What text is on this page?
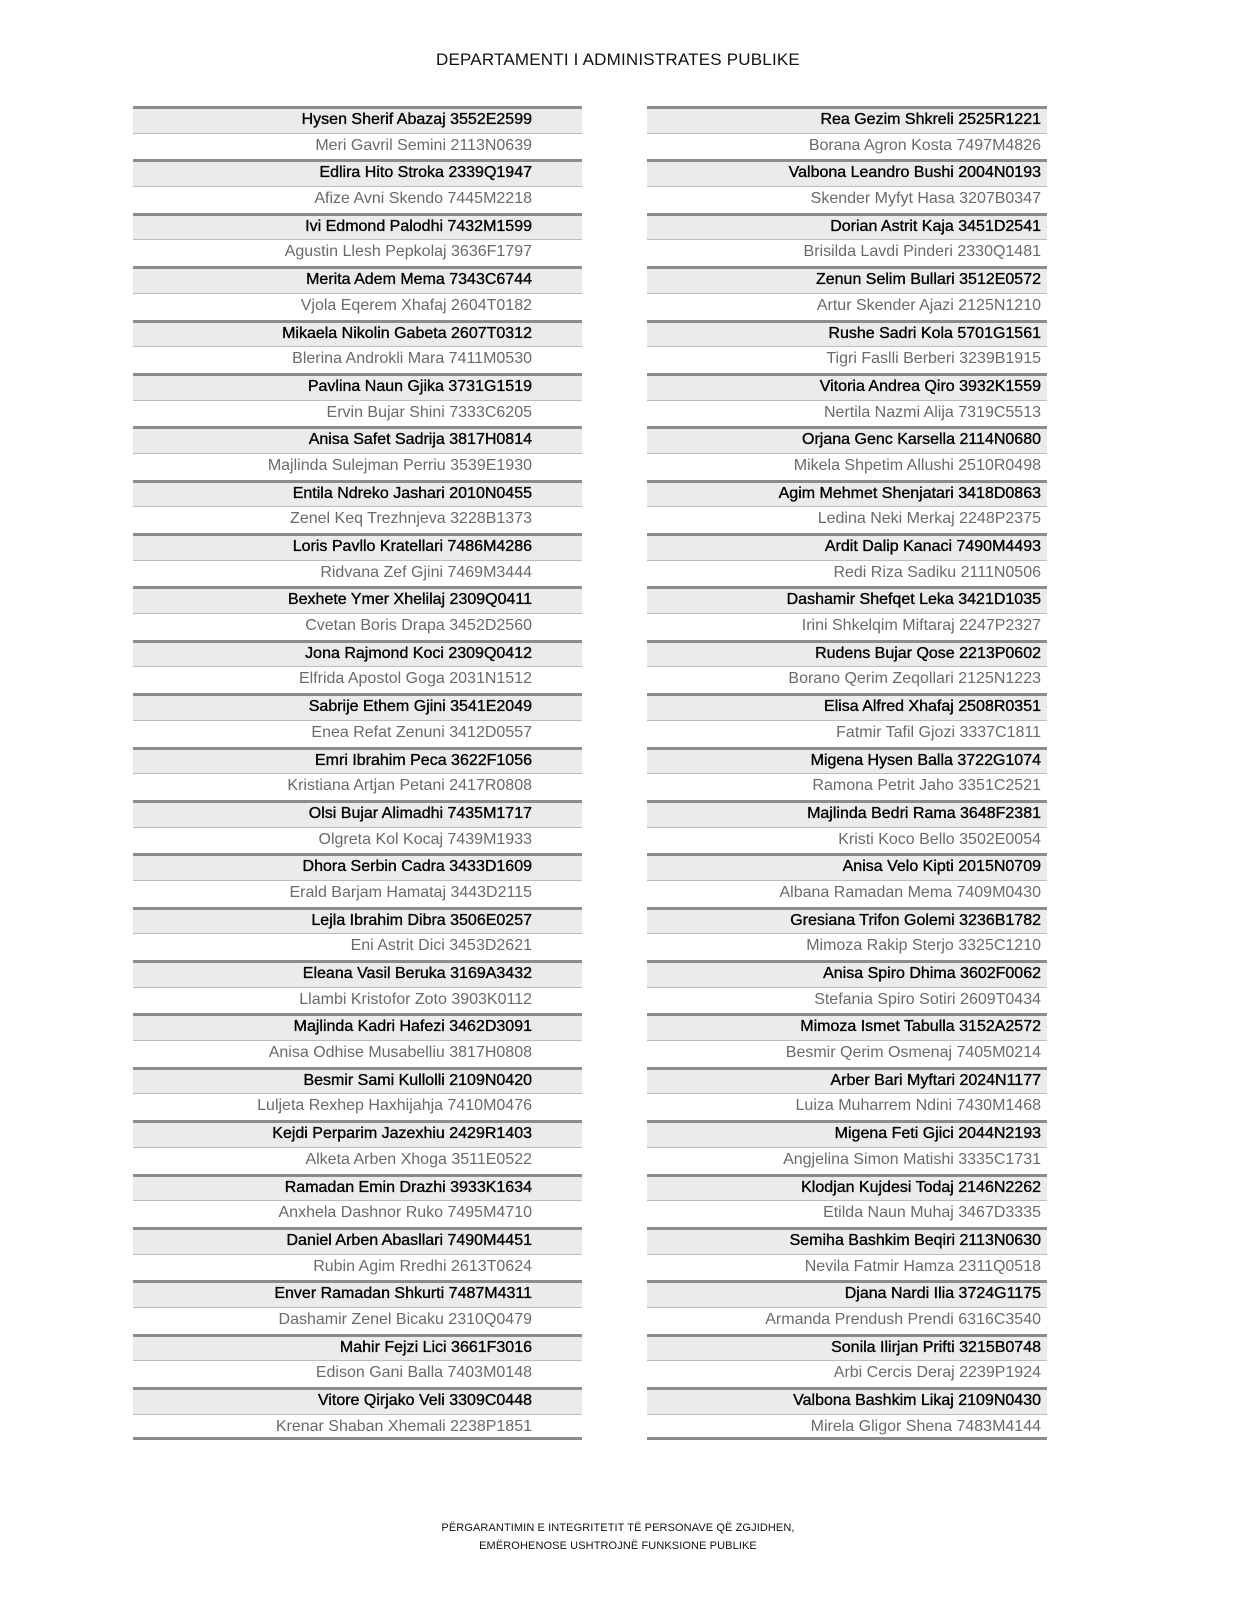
DEPARTAMENTI I ADMINISTRATES PUBLIKE
Hysen Sherif Abazaj 3552E2599
Meri Gavril Semini 2113N0639
Edlira Hito Stroka 2339Q1947
Afize Avni Skendo 7445M2218
Ivi Edmond Palodhi 7432M1599
Agustin Llesh Pepkolaj 3636F1797
Merita Adem Mema 7343C6744
Vjola Eqerem Xhafaj 2604T0182
Mikaela Nikolin Gabeta 2607T0312
Blerina Androkli Mara 7411M0530
Pavlina Naun Gjika 3731G1519
Ervin Bujar Shini 7333C6205
Anisa Safet Sadrija 3817H0814
Majlinda Sulejman Perriu 3539E1930
Entila Ndreko Jashari 2010N0455
Zenel Keq Trezhnjeva 3228B1373
Loris Pavllo Kratellari 7486M4286
Ridvana Zef Gjini 7469M3444
Bexhete Ymer Xhelilaj 2309Q0411
Cvetan Boris Drapa 3452D2560
Jona Rajmond Koci 2309Q0412
Elfrida Apostol Goga 2031N1512
Sabrije Ethem Gjini 3541E2049
Enea Refat Zenuni 3412D0557
Emri Ibrahim Peca 3622F1056
Kristiana Artjan Petani 2417R0808
Olsi Bujar Alimadhi 7435M1717
Olgreta Kol Kocaj 7439M1933
Dhora Serbin Cadra 3433D1609
Erald Barjam Hamataj 3443D2115
Lejla Ibrahim Dibra 3506E0257
Eni Astrit Dici 3453D2621
Eleana Vasil Beruka 3169A3432
Llambi Kristofor Zoto 3903K0112
Majlinda Kadri Hafezi 3462D3091
Anisa Odhise Musabelliu 3817H0808
Besmir Sami Kullolli 2109N0420
Luljeta Rexhep Haxhijahja 7410M0476
Kejdi Perparim Jazexhiu 2429R1403
Alketa Arben Xhoga 3511E0522
Ramadan Emin Drazhi 3933K1634
Anxhela Dashnor Ruko 7495M4710
Daniel Arben Abasllari 7490M4451
Rubin Agim Rredhi 2613T0624
Enver Ramadan Shkurti 7487M4311
Dashamir Zenel Bicaku 2310Q0479
Mahir Fejzi Lici 3661F3016
Edison Gani Balla 7403M0148
Vitore Qirjako Veli 3309C0448
Krenar Shaban Xhemali 2238P1851
Rea Gezim Shkreli 2525R1221
Borana Agron Kosta 7497M4826
Valbona Leandro Bushi 2004N0193
Skender Myfyt Hasa 3207B0347
Dorian Astrit Kaja 3451D2541
Brisilda Lavdi Pinderi 2330Q1481
Zenun Selim Bullari 3512E0572
Artur Skender Ajazi 2125N1210
Rushe Sadri Kola 5701G1561
Tigri Faslli Berberi 3239B1915
Vitoria Andrea Qiro 3932K1559
Nertila Nazmi Alija 7319C5513
Orjana Genc Karsella 2114N0680
Mikela Shpetim Allushi 2510R0498
Agim Mehmet Shenjatari 3418D0863
Ledina Neki Merkaj 2248P2375
Ardit Dalip Kanaci 7490M4493
Redi Riza Sadiku 2111N0506
Dashamir Shefqet Leka 3421D1035
Irini Shkelqim Miftaraj 2247P2327
Rudens Bujar Qose 2213P0602
Borano Qerim Zeqollari 2125N1223
Elisa Alfred Xhafaj 2508R0351
Fatmir Tafil Gjozi 3337C1811
Migena Hysen Balla 3722G1074
Ramona Petrit Jaho 3351C2521
Majlinda Bedri Rama 3648F2381
Kristi Koco Bello 3502E0054
Anisa Velo Kipti 2015N0709
Albana Ramadan Mema 7409M0430
Gresiana Trifon Golemi 3236B1782
Mimoza Rakip Sterjo 3325C1210
Anisa Spiro Dhima 3602F0062
Stefania Spiro Sotiri 2609T0434
Mimoza Ismet Tabulla 3152A2572
Besmir Qerim Osmenaj 7405M0214
Arber Bari Myftari 2024N1177
Luiza Muharrem Ndini 7430M1468
Migena Feti Gjici 2044N2193
Angjelina Simon Matishi 3335C1731
Klodjan Kujdesi Todaj 2146N2262
Etilda Naun Muhaj 3467D3335
Semiha Bashkim Beqiri 2113N0630
Nevila Fatmir Hamza 2311Q0518
Djana Nardi Ilia 3724G1175
Armanda Prendush Prendi 6316C3540
Sonila Ilirjan Prifti 3215B0748
Arbi Cercis Deraj 2239P1924
Valbona Bashkim Likaj 2109N0430
Mirela Gligor Shena 7483M4144
PËRGARANTIMIN E INTEGRITETIT TË PERSONAVE QË ZGJIDHEN,
EMËROHENOSE USHTROJNË FUNKSIONE PUBLIKE
